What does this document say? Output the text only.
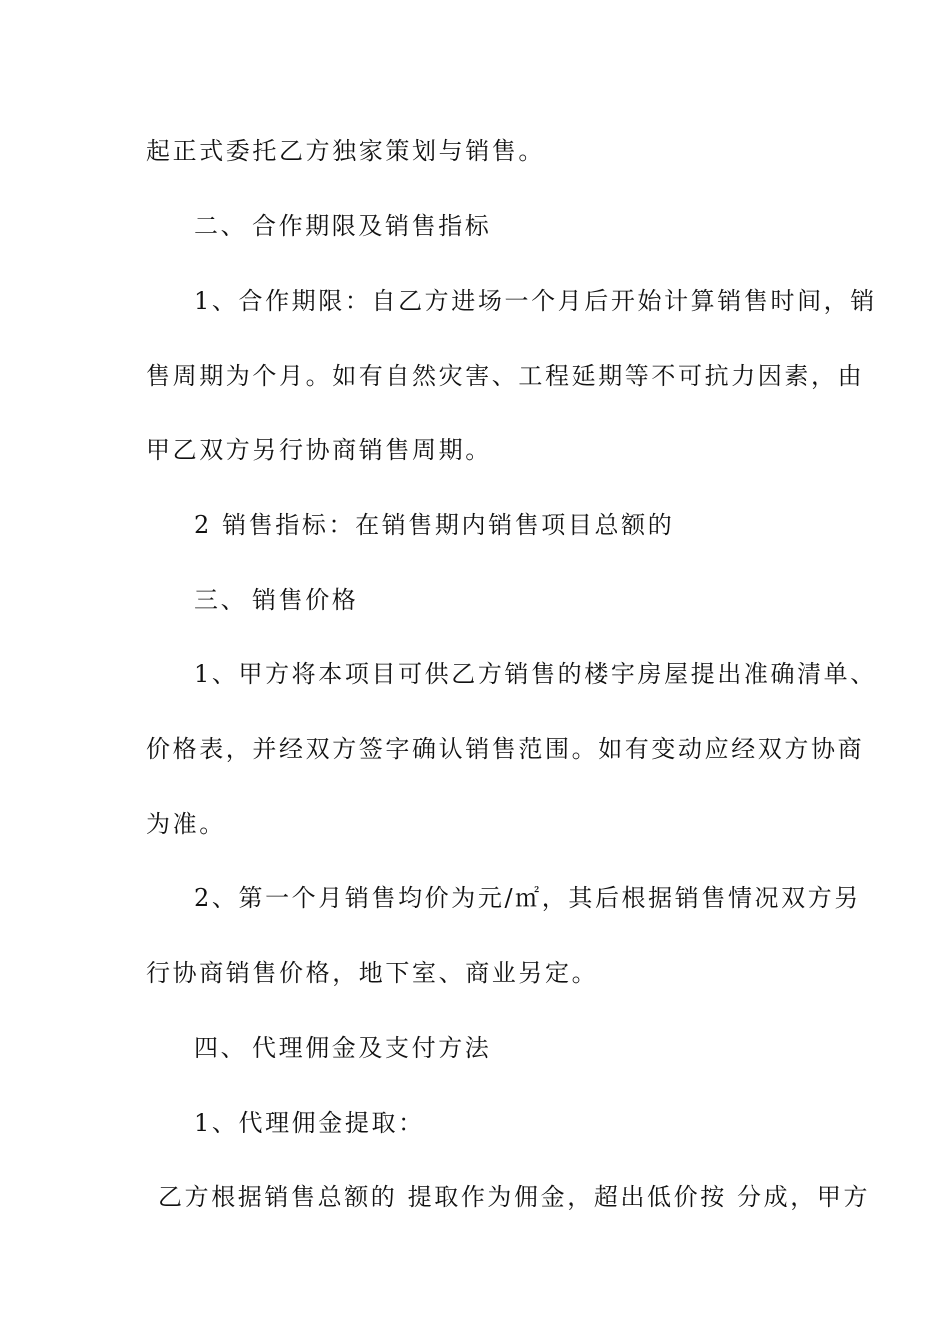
起正式委托乙方独家策划与销售。
二、 合作期限及销售指标
1、合作期限：自乙方进场一个月后开始计算销售时间，销
售周期为个月。如有自然灾害、工程延期等不可抗力因素，由
甲乙双方另行协商销售周期。
2 销售指标：在销售期内销售项目总额的
三、 销售价格
1、甲方将本项目可供乙方销售的楼宇房屋提出准确清单、
价格表，并经双方签字确认销售范围。如有变动应经双方协商
为准。
2、第一个月销售均价为元/㎡，其后根据销售情况双方另
行协商销售价格，地下室、商业另定。
四、 代理佣金及支付方法
1、代理佣金提取：
乙方根据销售总额的 提取作为佣金，超出低价按 分成，甲方
